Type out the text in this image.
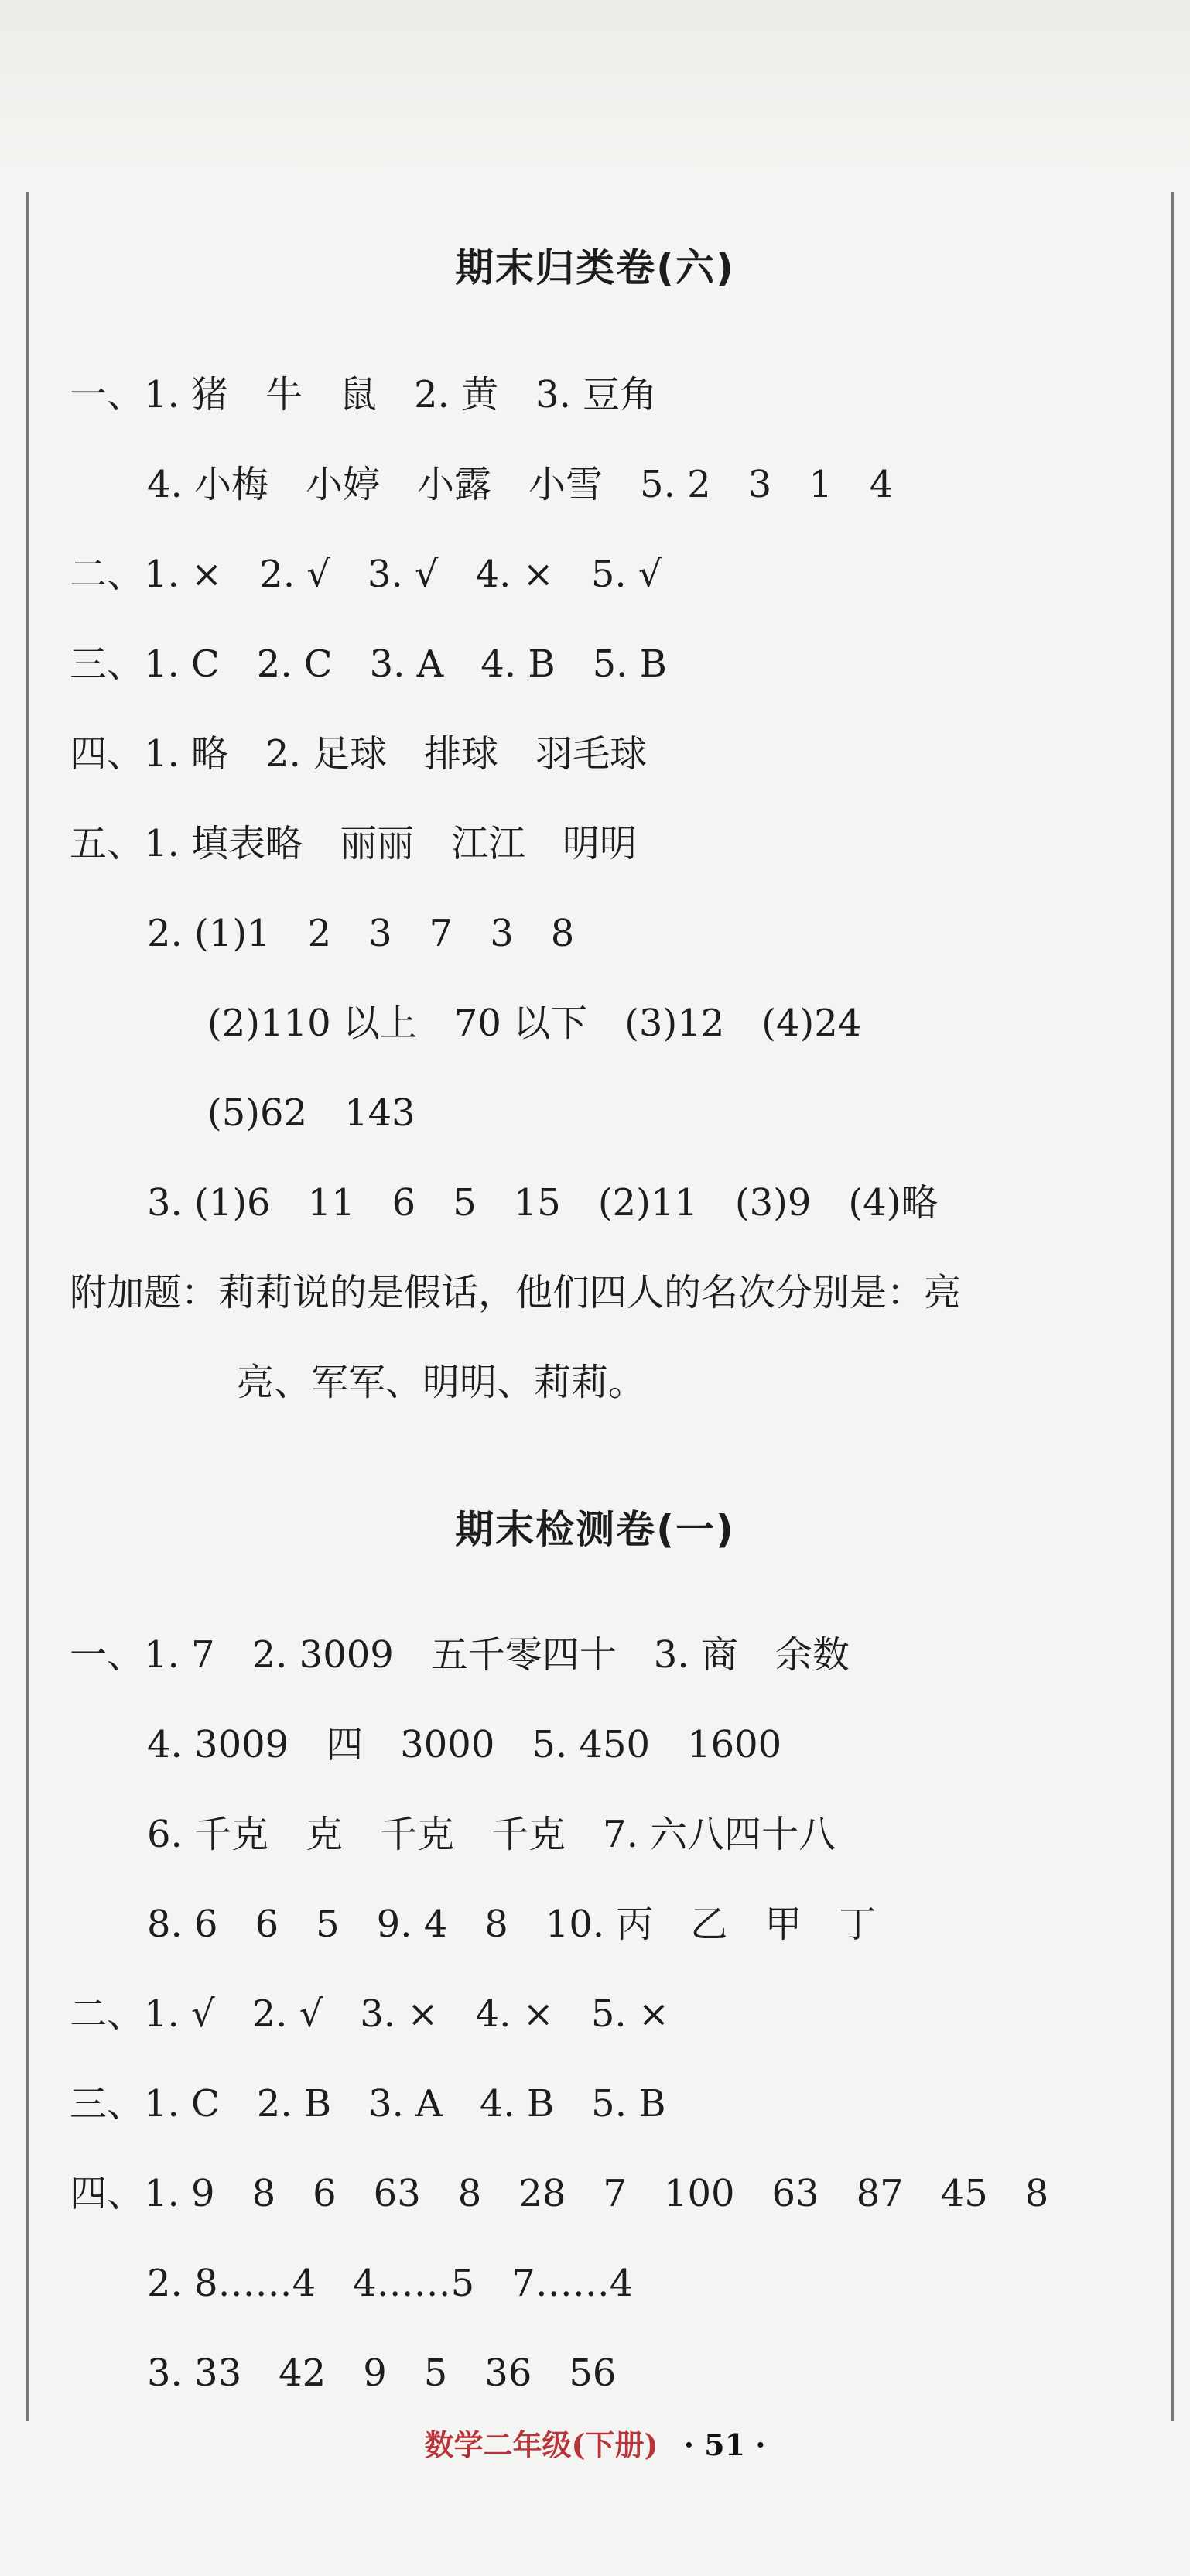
期末归类卷(六)
一、1. 猪　牛　鼠　2. 黄　3. 豆角
4. 小梅　小婷　小露　小雪　5. 2　3　1　4
二、1. ×　2. √　3. √　4. ×　5. √
三、1. C　2. C　3. A　4. B　5. B
四、1. 略　2. 足球　排球　羽毛球
五、1. 填表略　丽丽　江江　明明
2. (1)1　2　3　7　3　8
(2)110 以上　70 以下　(3)12　(4)24
(5)62　143
3. (1)6　11　6　5　15　(2)11　(3)9　(4)略
附加题：莉莉说的是假话，他们四人的名次分别是：亮
亮、军军、明明、莉莉。
期末检测卷(一)
一、1. 7　2. 3009　五千零四十　3. 商　余数
4. 3009　四　3000　5. 450　1600
6. 千克　克　千克　千克　7. 六八四十八
8. 6　6　5　9. 4　8　10. 丙　乙　甲　丁
二、1. √　2. √　3. ×　4. ×　5. ×
三、1. C　2. B　3. A　4. B　5. B
四、1. 9　8　6　63　8　28　7　100　63　87　45　8
2. 8……4　4……5　7……4
3. 33　42　9　5　36　56
数学二年级(下册) · 51 ·
